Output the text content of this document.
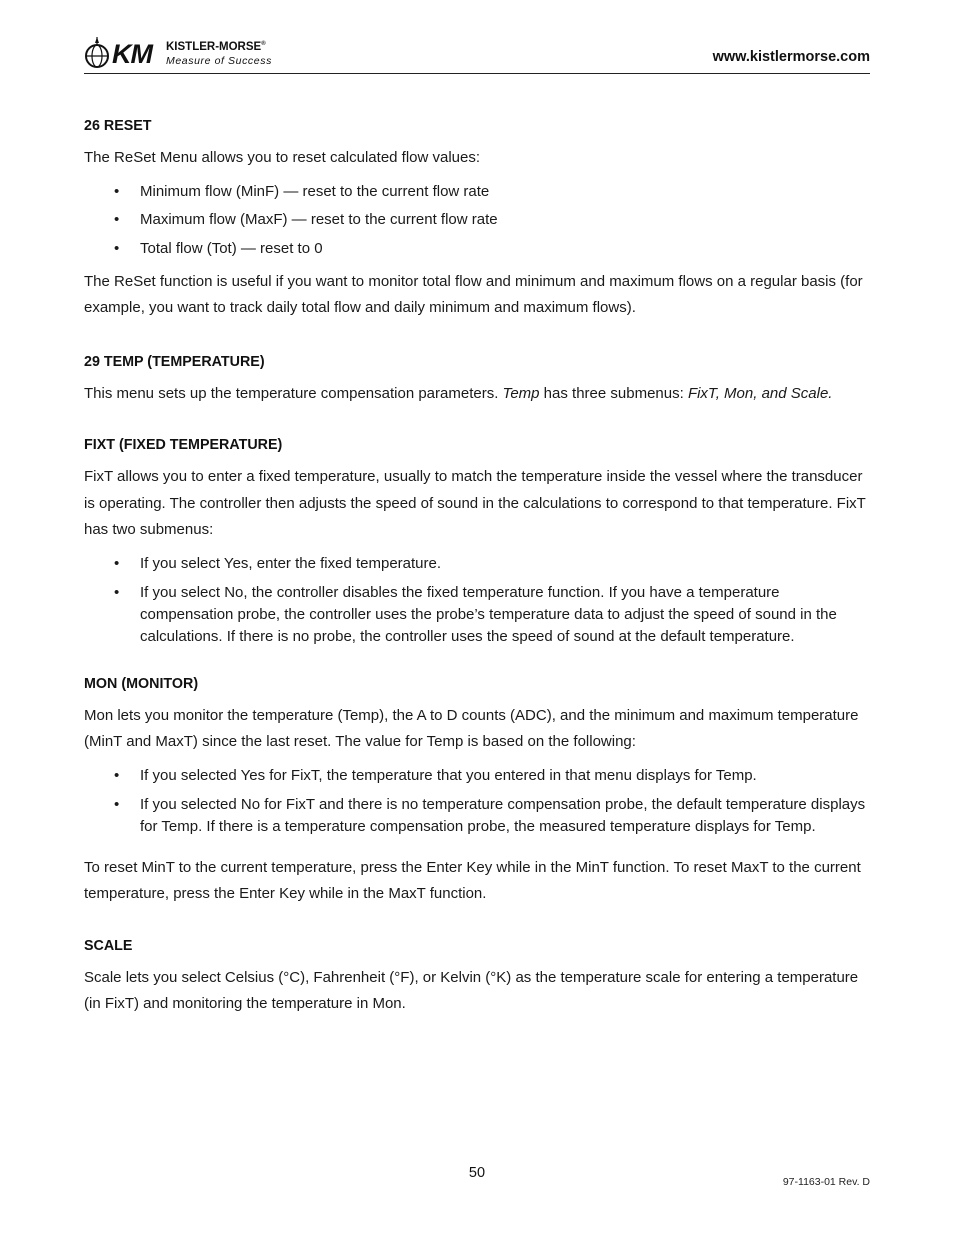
KM KISTLER-MORSE®
Measure of Success	www.kistlermorse.com
26 RESET

The ReSet Menu allows you to reset calculated flow values:

• Minimum flow (MinF) — reset to the current flow rate
• Maximum flow (MaxF) — reset to the current flow rate
• Total flow (Tot) — reset to 0

The ReSet function is useful if you want to monitor total flow and minimum and maximum flows on a regular basis (for example, you want to track daily total flow and daily minimum and maximum flows).

29 TEMP (TEMPERATURE)

This menu sets up the temperature compensation parameters. Temp has three submenus: FixT, Mon, and Scale.

FIXT (FIXED TEMPERATURE)

FixT allows you to enter a fixed temperature, usually to match the temperature inside the vessel where the transducer is operating. The controller then adjusts the speed of sound in the calculations to correspond to that temperature. FixT has two submenus:

• If you select Yes, enter the fixed temperature.
• If you select No, the controller disables the fixed temperature function. If you have a temperature compensation probe, the controller uses the probe’s temperature data to adjust the speed of sound in the calculations. If there is no probe, the controller uses the speed of sound at the default temperature.
MON (MONITOR)

Mon lets you monitor the temperature (Temp), the A to D counts (ADC), and the minimum and maximum temperature (MinT and MaxT) since the last reset. The value for Temp is based on the following:

• If you selected Yes for FixT, the temperature that you entered in that menu displays for Temp.
• If you selected No for FixT and there is no temperature compensation probe, the default temperature displays for Temp. If there is a temperature compensation probe, the measured temperature displays for Temp.

To reset MinT to the current temperature, press the Enter Key while in the MinT function. To reset MaxT to the current temperature, press the Enter Key while in the MaxT function.

SCALE

Scale lets you select Celsius (°C), Fahrenheit (°F), or Kelvin (°K) as the temperature scale for entering a temperature (in FixT) and monitoring the temperature in Mon.

50
97-1163-01 Rev. D
